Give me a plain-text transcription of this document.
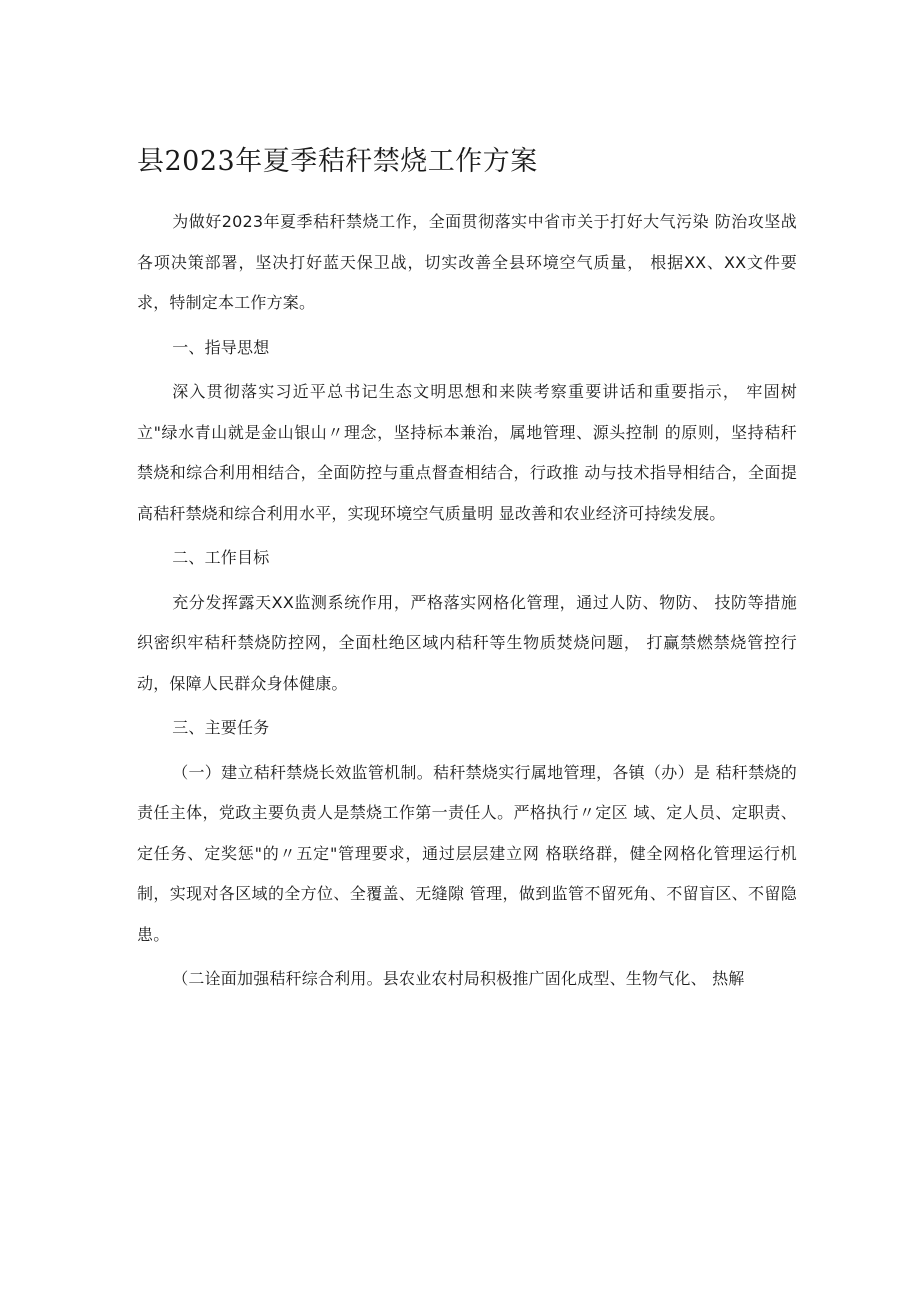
县2023年夏季秸秆禁烧工作方案

为做好2023年夏季秸秆禁烧工作，全面贯彻落实中省市关于打好大气污染 防治攻坚战各项决策部署，坚决打好蓝天保卫战，切实改善全县环境空气质量， 根据XX、XX文件要求，特制定本工作方案。

一、指导思想

深入贯彻落实习近平总书记生态文明思想和来陕考察重要讲话和重要指示， 牢固树立"绿水青山就是金山银山〃理念，坚持标本兼治，属地管理、源头控制 的原则，坚持秸秆禁烧和综合利用相结合，全面防控与重点督查相结合，行政推 动与技术指导相结合，全面提高秸秆禁烧和综合利用水平，实现环境空气质量明 显改善和农业经济可持续发展。

二、工作目标

充分发挥露天XX监测系统作用，严格落实网格化管理，通过人防、物防、 技防等措施织密织牢秸秆禁烧防控网，全面杜绝区域内秸秆等生物质焚烧问题， 打赢禁燃禁烧管控行动，保障人民群众身体健康。

三、主要任务

（一）建立秸秆禁烧长效监管机制。秸秆禁烧实行属地管理，各镇（办）是 秸秆禁烧的责任主体，党政主要负责人是禁烧工作第一责任人。严格执行〃定区 域、定人员、定职责、定任务、定奖惩"的〃五定"管理要求，通过层层建立网 格联络群，健全网格化管理运行机制，实现对各区域的全方位、全覆盖、无缝隙 管理，做到监管不留死角、不留盲区、不留隐患。

（二诠面加强秸秆综合利用。县农业农村局积极推广固化成型、生物气化、 热解
